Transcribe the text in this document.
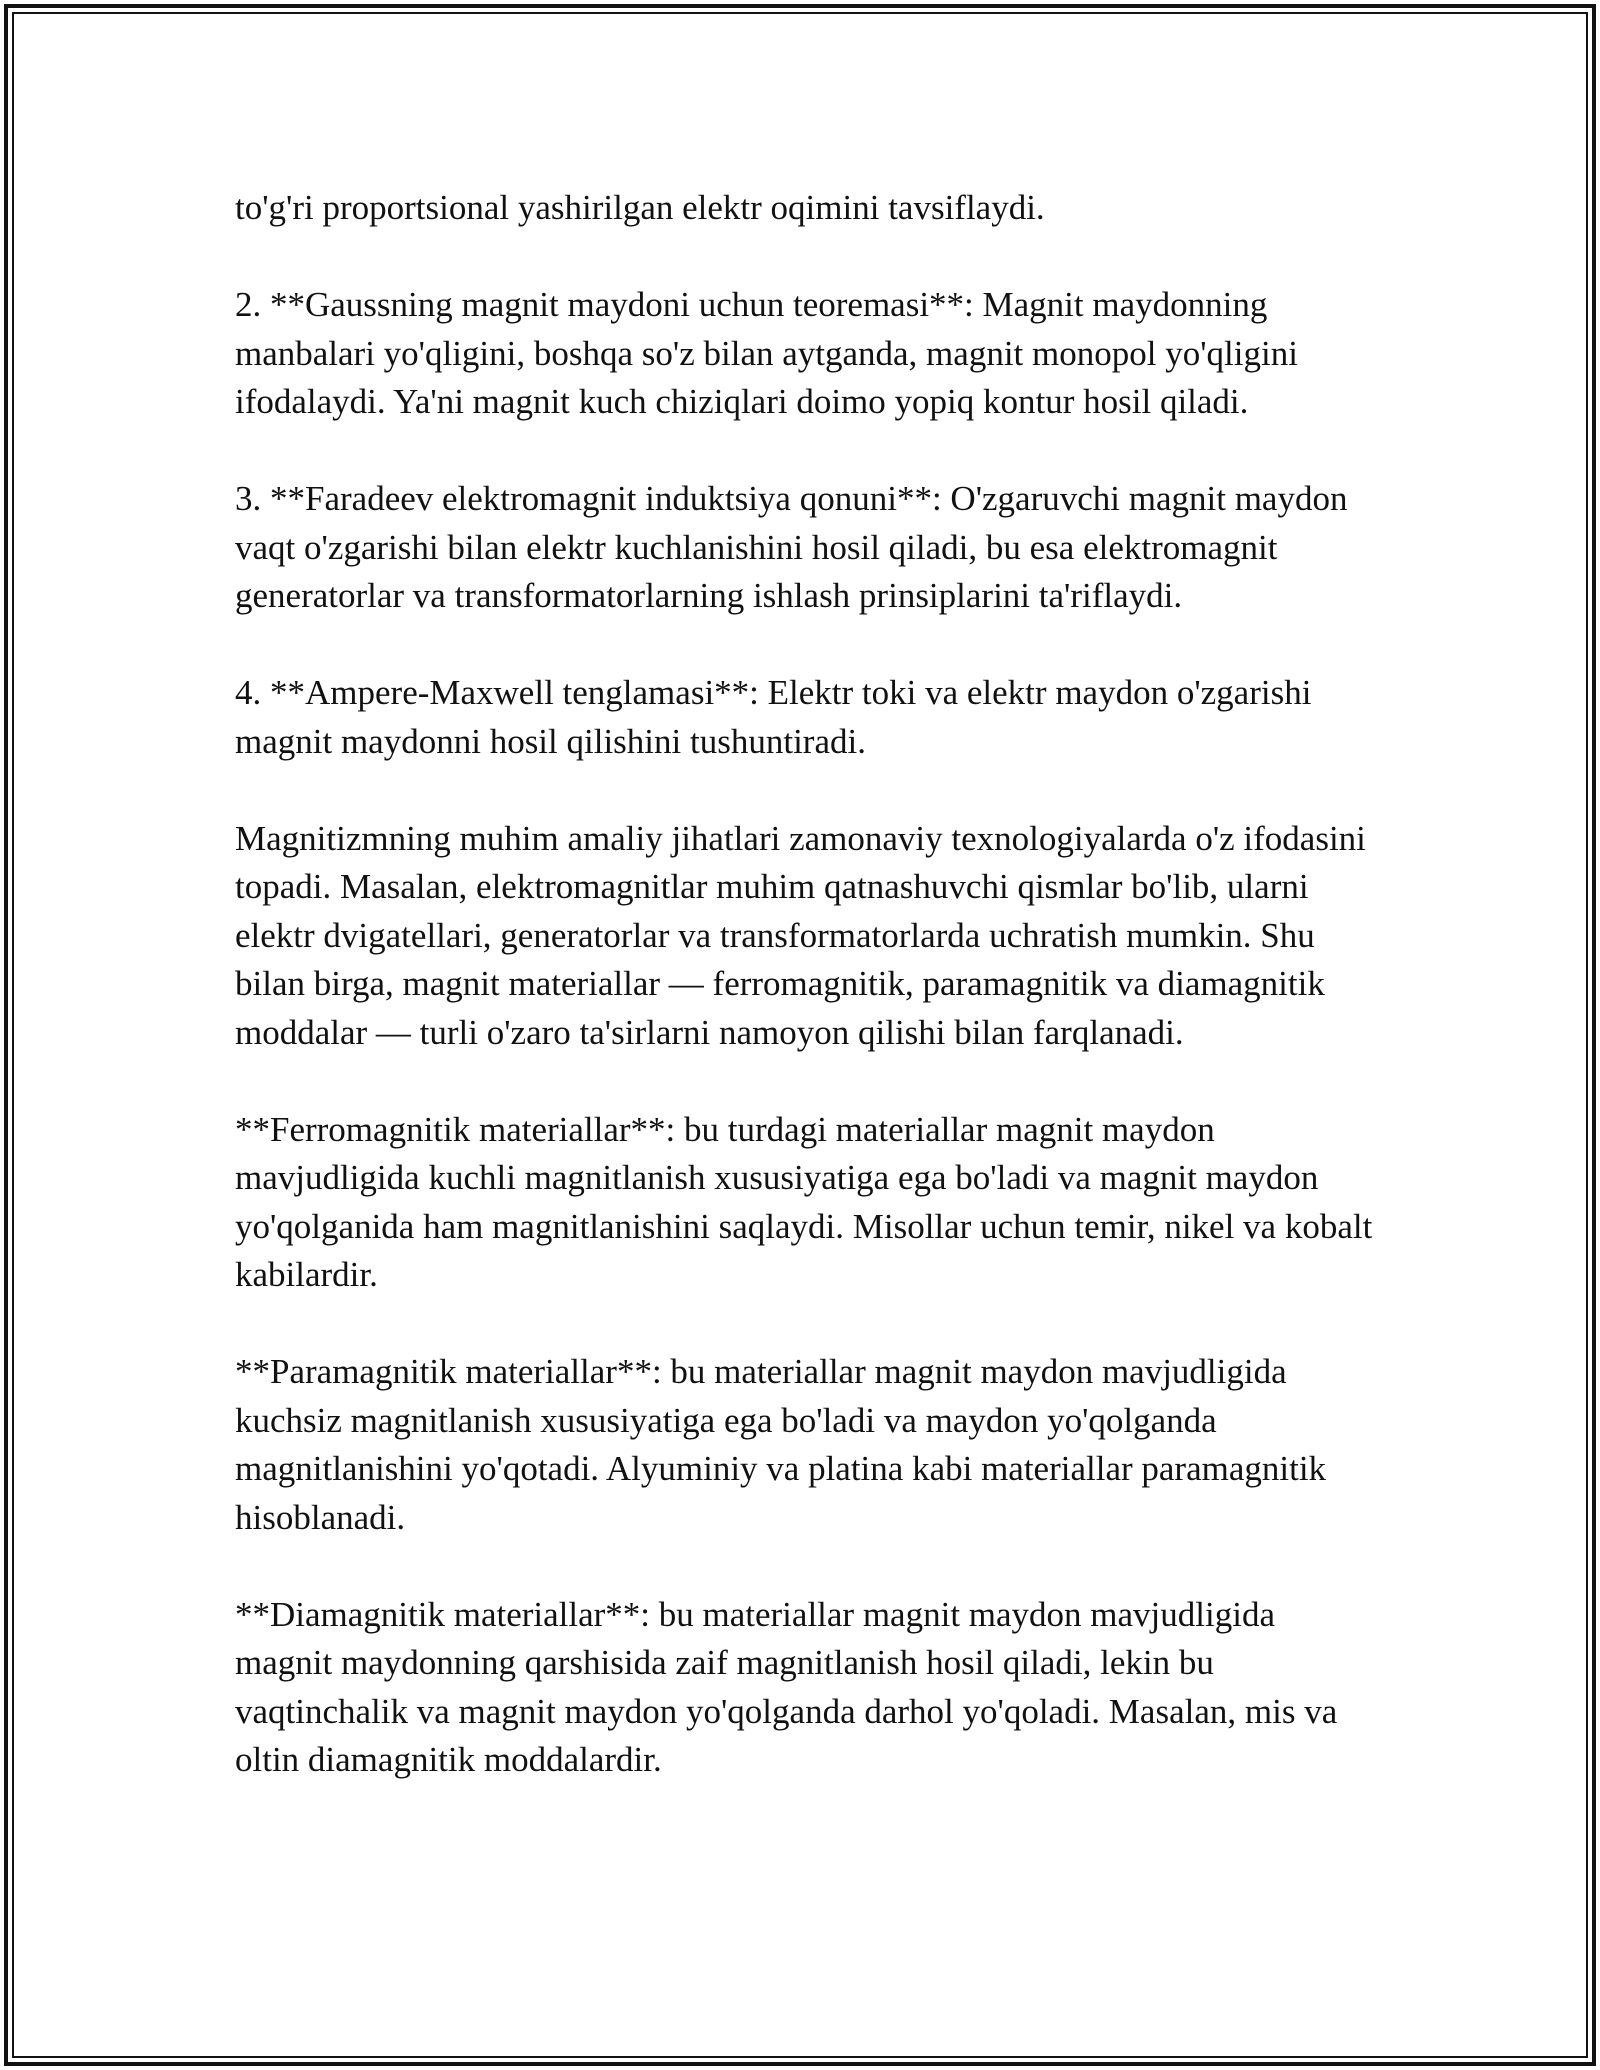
to'g'ri proportsional yashirilgan elektr oqimini tavsiflaydi.

2. **Gaussning magnit maydoni uchun teoremasi**: Magnit maydonning manbalari yo'qligini, boshqa so'z bilan aytganda, magnit monopol yo'qligini ifodalaydi. Ya'ni magnit kuch chiziqlari doimo yopiq kontur hosil qiladi.

3. **Faradeev elektromagnit induktsiya qonuni**: O'zgaruvchi magnit maydon vaqt o'zgarishi bilan elektr kuchlanishini hosil qiladi, bu esa elektromagnit generatorlar va transformatorlarning ishlash prinsiplarini ta'riflaydi.

4. **Ampere-Maxwell tenglamasi**: Elektr toki va elektr maydon o'zgarishi magnit maydonni hosil qilishini tushuntiradi.

Magnitizmning muhim amaliy jihatlari zamonaviy texnologiyalarda o'z ifodasini topadi. Masalan, elektromagnitlar muhim qatnashuvchi qismlar bo'lib, ularni elektr dvigatellari, generatorlar va transformatorlarda uchratish mumkin. Shu bilan birga, magnit materiallar — ferromagnitik, paramagnitik va diamagnitik moddalar — turli o'zaro ta'sirlarni namoyon qilishi bilan farqlanadi.

**Ferromagnitik materiallar**: bu turdagi materiallar magnit maydon mavjudligida kuchli magnitlanish xususiyatiga ega bo'ladi va magnit maydon yo'qolganida ham magnitlanishini saqlaydi. Misollar uchun temir, nikel va kobalt kabilardir.

**Paramagnitik materiallar**: bu materiallar magnit maydon mavjudligida kuchsiz magnitlanish xususiyatiga ega bo'ladi va maydon yo'qolganda magnitlanishini yo'qotadi. Alyuminiy va platina kabi materiallar paramagnitik hisoblanadi.

**Diamagnitik materiallar**: bu materiallar magnit maydon mavjudligida magnit maydonning qarshisida zaif magnitlanish hosil qiladi, lekin bu vaqtinchalik va magnit maydon yo'qolganda darhol yo'qoladi. Masalan, mis va oltin diamagnitik moddalardir.
